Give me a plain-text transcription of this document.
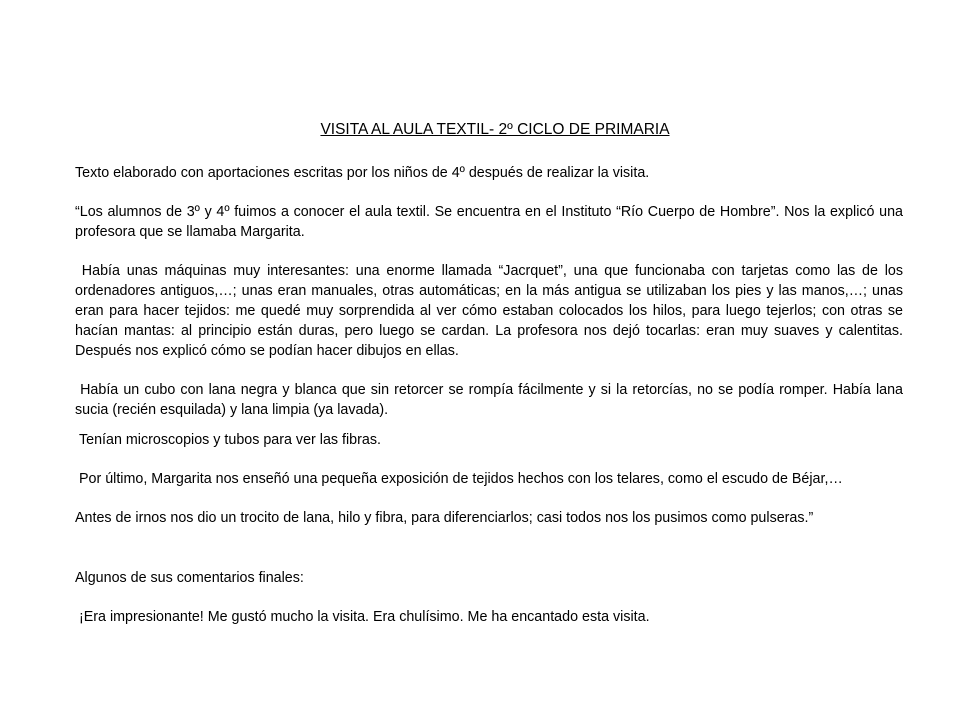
VISITA AL AULA TEXTIL- 2º CICLO DE PRIMARIA
Texto elaborado con aportaciones escritas por los niños de 4º después de realizar la visita.
“Los alumnos de 3º y 4º fuimos a conocer el aula textil. Se encuentra en el Instituto “Río Cuerpo de Hombre”. Nos la explicó una profesora que se llamaba Margarita.
Había unas máquinas muy interesantes: una enorme llamada “Jacrquet”, una que funcionaba con tarjetas como las de los ordenadores antiguos,…; unas eran manuales, otras automáticas; en la más antigua se utilizaban los pies y las manos,…; unas eran para hacer tejidos: me quedé muy sorprendida al ver cómo estaban colocados los hilos, para luego tejerlos; con otras se hacían mantas: al principio están duras, pero luego se cardan. La profesora nos dejó tocarlas: eran muy suaves y calentitas. Después nos explicó cómo se podían hacer dibujos en ellas.
Había un cubo con lana negra y blanca que sin retorcer se rompía fácilmente y si la retorcías, no se podía romper. Había lana sucia (recién esquilada) y lana limpia (ya lavada).
Tenían microscopios y tubos para ver las fibras.
Por último, Margarita nos enseñó una pequeña exposición de tejidos hechos con los telares, como el escudo de Béjar,…
Antes de irnos nos dio un trocito de lana, hilo y fibra, para diferenciarlos; casi todos nos los pusimos como pulseras.”
Algunos de sus comentarios finales:
¡Era impresionante! Me gustó mucho la visita. Era chulísimo. Me ha encantado esta visita.
